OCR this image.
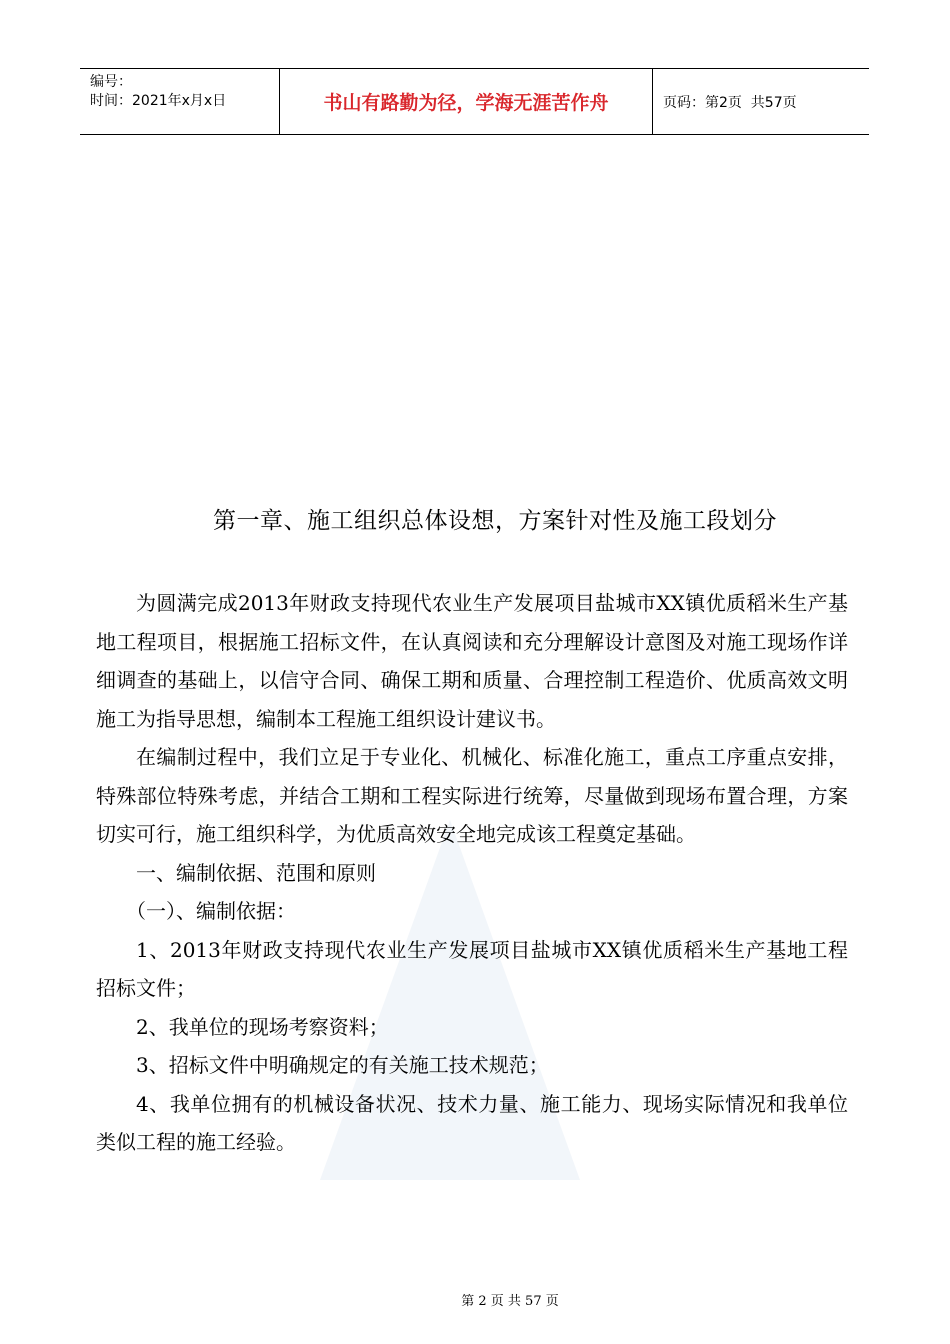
编号：
时间：2021年x月x日	书山有路勤为径，学海无涯苦作舟	页码：第2页  共57页
第一章、施工组织总体设想，方案针对性及施工段划分

为圆满完成2013年财政支持现代农业生产发展项目盐城市XX镇优质稻米生产基地工程项目，根据施工招标文件，在认真阅读和充分理解设计意图及对施工现场作详细调查的基础上，以信守合同、确保工期和质量、合理控制工程造价、优质高效文明施工为指导思想，编制本工程施工组织设计建议书。

在编制过程中，我们立足于专业化、机械化、标准化施工，重点工序重点安排，特殊部位特殊考虑，并结合工期和工程实际进行统筹，尽量做到现场布置合理，方案切实可行，施工组织科学，为优质高效安全地完成该工程奠定基础。

一、编制依据、范围和原则

（一）、编制依据：

1、2013年财政支持现代农业生产发展项目盐城市XX镇优质稻米生产基地工程招标文件；

2、我单位的现场考察资料；

3、招标文件中明确规定的有关施工技术规范；

4、我单位拥有的机械设备状况、技术力量、施工能力、现场实际情况和我单位类似工程的施工经验。

第 2 页 共 57 页
